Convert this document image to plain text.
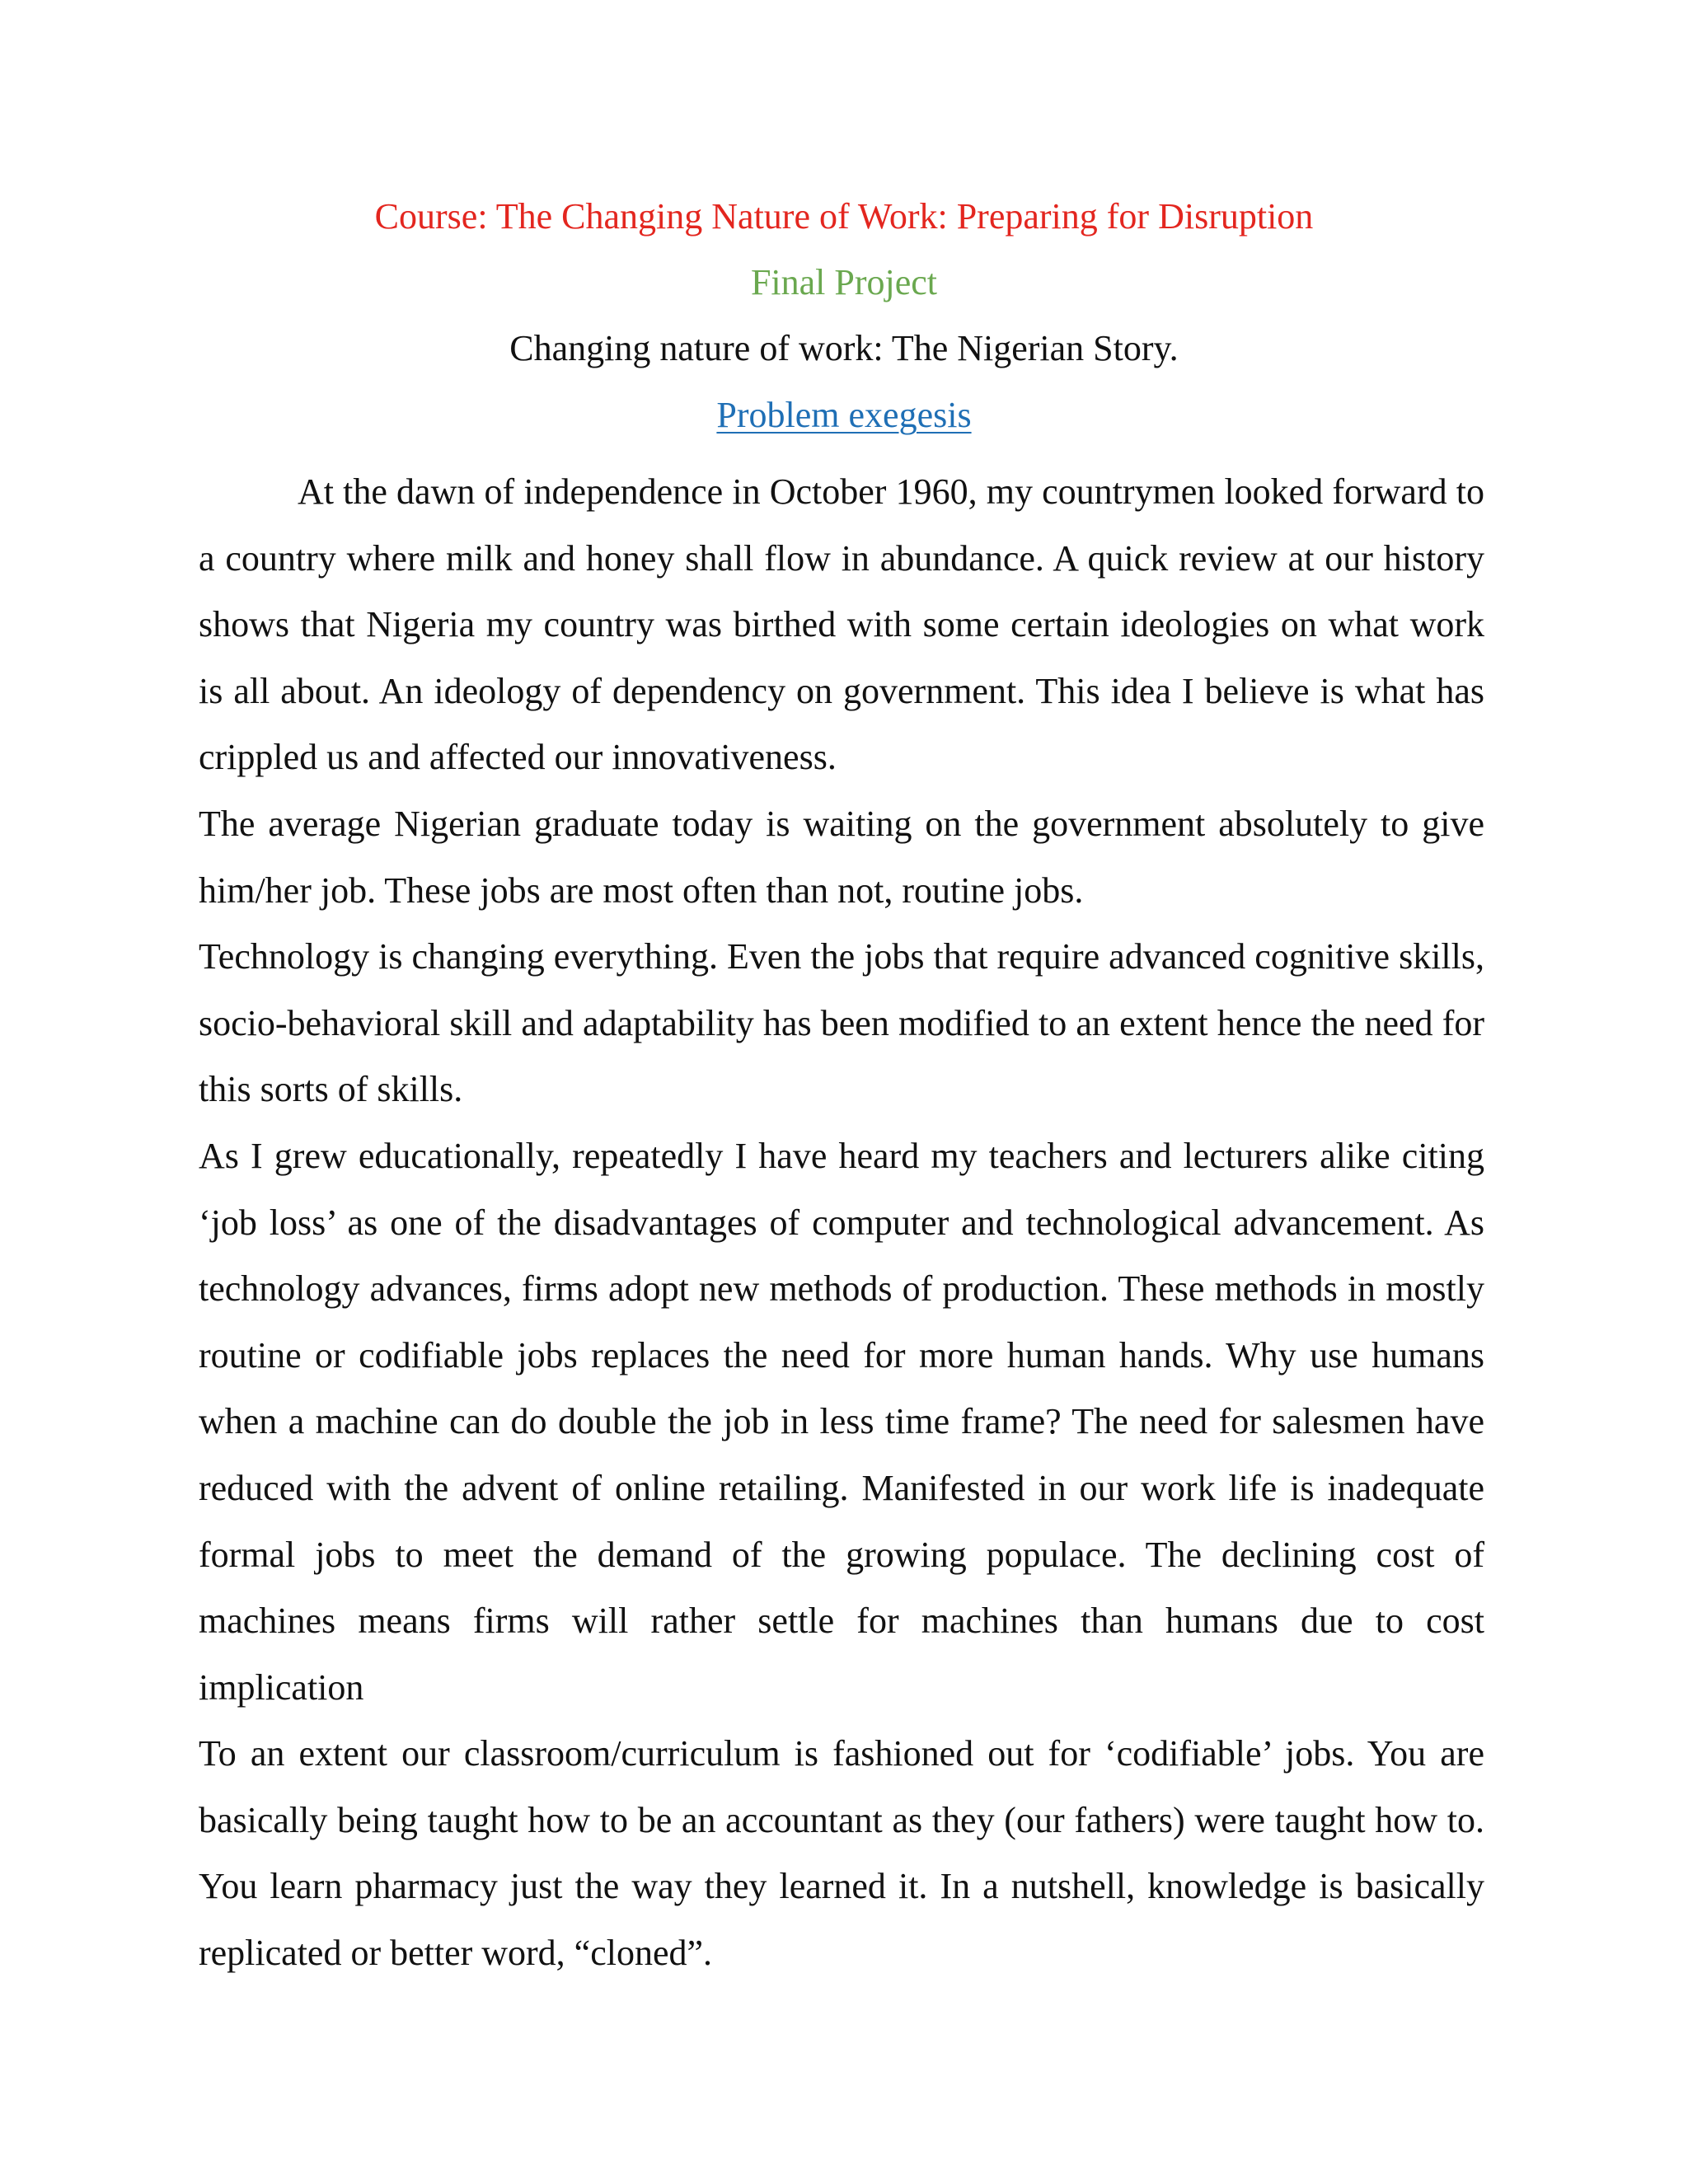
Course: The Changing Nature of Work: Preparing for Disruption
Final Project
Changing nature of work: The Nigerian Story.
Problem exegesis

At the dawn of independence in October 1960, my countrymen looked forward to a country where milk and honey shall flow in abundance. A quick review at our history shows that Nigeria my country was birthed with some certain ideologies on what work is all about. An ideology of dependency on government. This idea I believe is what has crippled us and affected our innovativeness.

The average Nigerian graduate today is waiting on the government absolutely to give him/her job. These jobs are most often than not, routine jobs.

Technology is changing everything. Even the jobs that require advanced cognitive skills, socio-behavioral skill and adaptability has been modified to an extent hence the need for this sorts of skills.

As I grew educationally, repeatedly I have heard my teachers and lecturers alike citing ‘job loss’ as one of the disadvantages of computer and technological advancement. As technology advances, firms adopt new methods of production. These methods in mostly routine or codifiable jobs replaces the need for more human hands. Why use humans when a machine can do double the job in less time frame? The need for salesmen have reduced with the advent of online retailing. Manifested in our work life is inadequate formal jobs to meet the demand of the growing populace. The declining cost of machines means firms will rather settle for machines than humans due to cost implication

To an extent our classroom/curriculum is fashioned out for ‘codifiable’ jobs. You are basically being taught how to be an accountant as they (our fathers) were taught how to. You learn pharmacy just the way they learned it. In a nutshell, knowledge is basically replicated or better word, “cloned”.
